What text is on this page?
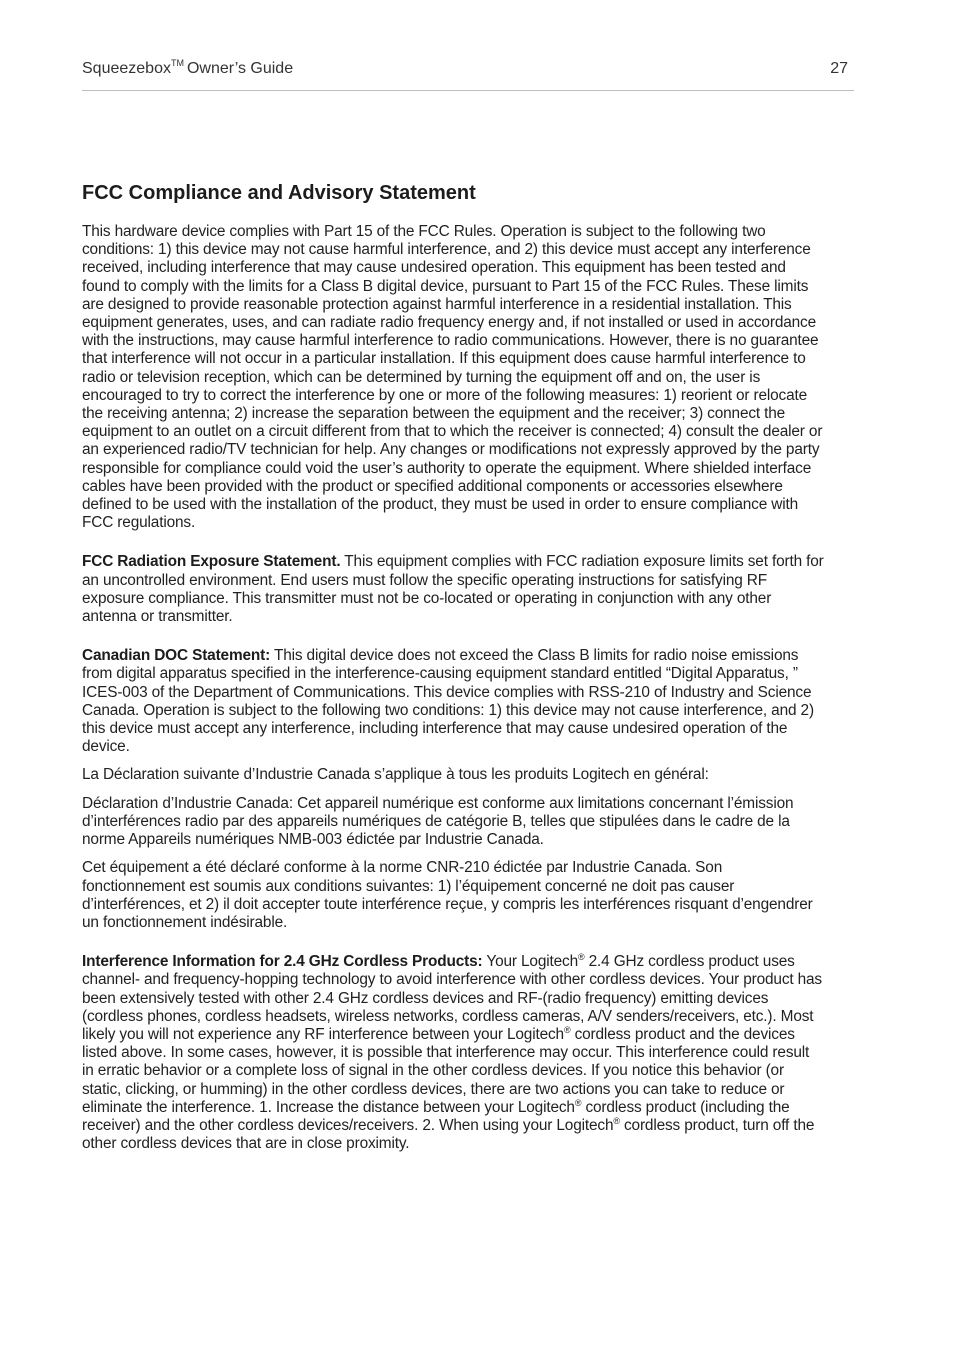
Squeezebox™ Owner’s Guide	27
FCC Compliance and Advisory Statement

This hardware device complies with Part 15 of the FCC Rules. Operation is subject to the following two conditions: 1) this device may not cause harmful interference, and 2) this device must accept any interference received, including interference that may cause undesired operation. This equipment has been tested and found to comply with the limits for a Class B digital device, pursuant to Part 15 of the FCC Rules. These limits are designed to provide reasonable protection against harmful interference in a residential installation. This equipment generates, uses, and can radiate radio frequency energy and, if not installed or used in accordance with the instructions, may cause harmful interference to radio communications. However, there is no guarantee that interference will not occur in a particular installation. If this equipment does cause harmful interference to radio or television reception, which can be determined by turning the equipment off and on, the user is encouraged to try to correct the interference by one or more of the following measures: 1) reorient or relocate the receiving antenna; 2) increase the separation between the equipment and the receiver; 3) connect the equipment to an outlet on a circuit different from that to which the receiver is connected; 4) consult the dealer or an experienced radio/TV technician for help. Any changes or modifications not expressly approved by the party responsible for compliance could void the user’s authority to operate the equipment. Where shielded interface cables have been provided with the product or specified additional components or accessories elsewhere defined to be used with the installation of the product, they must be used in order to ensure compliance with FCC regulations.

FCC Radiation Exposure Statement. This equipment complies with FCC radiation exposure limits set forth for an uncontrolled environment. End users must follow the specific operating instructions for satisfying RF exposure compliance. This transmitter must not be co-located or operating in conjunction with any other antenna or transmitter.

Canadian DOC Statement: This digital device does not exceed the Class B limits for radio noise emissions from digital apparatus specified in the interference-causing equipment standard entitled “Digital Apparatus, ” ICES-003 of the Department of Communications. This device complies with RSS-210 of Industry and Science Canada. Operation is subject to the following two conditions: 1) this device may not cause interference, and 2) this device must accept any interference, including interference that may cause undesired operation of the device.

La Déclaration suivante d’Industrie Canada s’applique à tous les produits Logitech en général:

Déclaration d’Industrie Canada: Cet appareil numérique est conforme aux limitations concernant l’émission d’interférences radio par des appareils numériques de catégorie B, telles que stipulées dans le cadre de la norme Appareils numériques NMB-003 édictée par Industrie Canada.

Cet équipement a été déclaré conforme à la norme CNR-210 édictée par Industrie Canada. Son fonctionnement est soumis aux conditions suivantes: 1) l’équipement concerné ne doit pas causer d’interférences, et 2) il doit accepter toute interférence reçue, y compris les interférences risquant d’engendrer un fonctionnement indésirable.

Interference Information for 2.4 GHz Cordless Products: Your Logitech® 2.4 GHz cordless product uses channel- and frequency-hopping technology to avoid interference with other cordless devices. Your product has been extensively tested with other 2.4 GHz cordless devices and RF-(radio frequency) emitting devices (cordless phones, cordless headsets, wireless networks, cordless cameras, A/V senders/receivers, etc.). Most likely you will not experience any RF interference between your Logitech® cordless product and the devices listed above. In some cases, however, it is possible that interference may occur. This interference could result in erratic behavior or a complete loss of signal in the other cordless devices. If you notice this behavior (or static, clicking, or humming) in the other cordless devices, there are two actions you can take to reduce or eliminate the interference. 1. Increase the distance between your Logitech® cordless product (including the receiver) and the other cordless devices/receivers. 2. When using your Logitech® cordless product, turn off the other cordless devices that are in close proximity.
